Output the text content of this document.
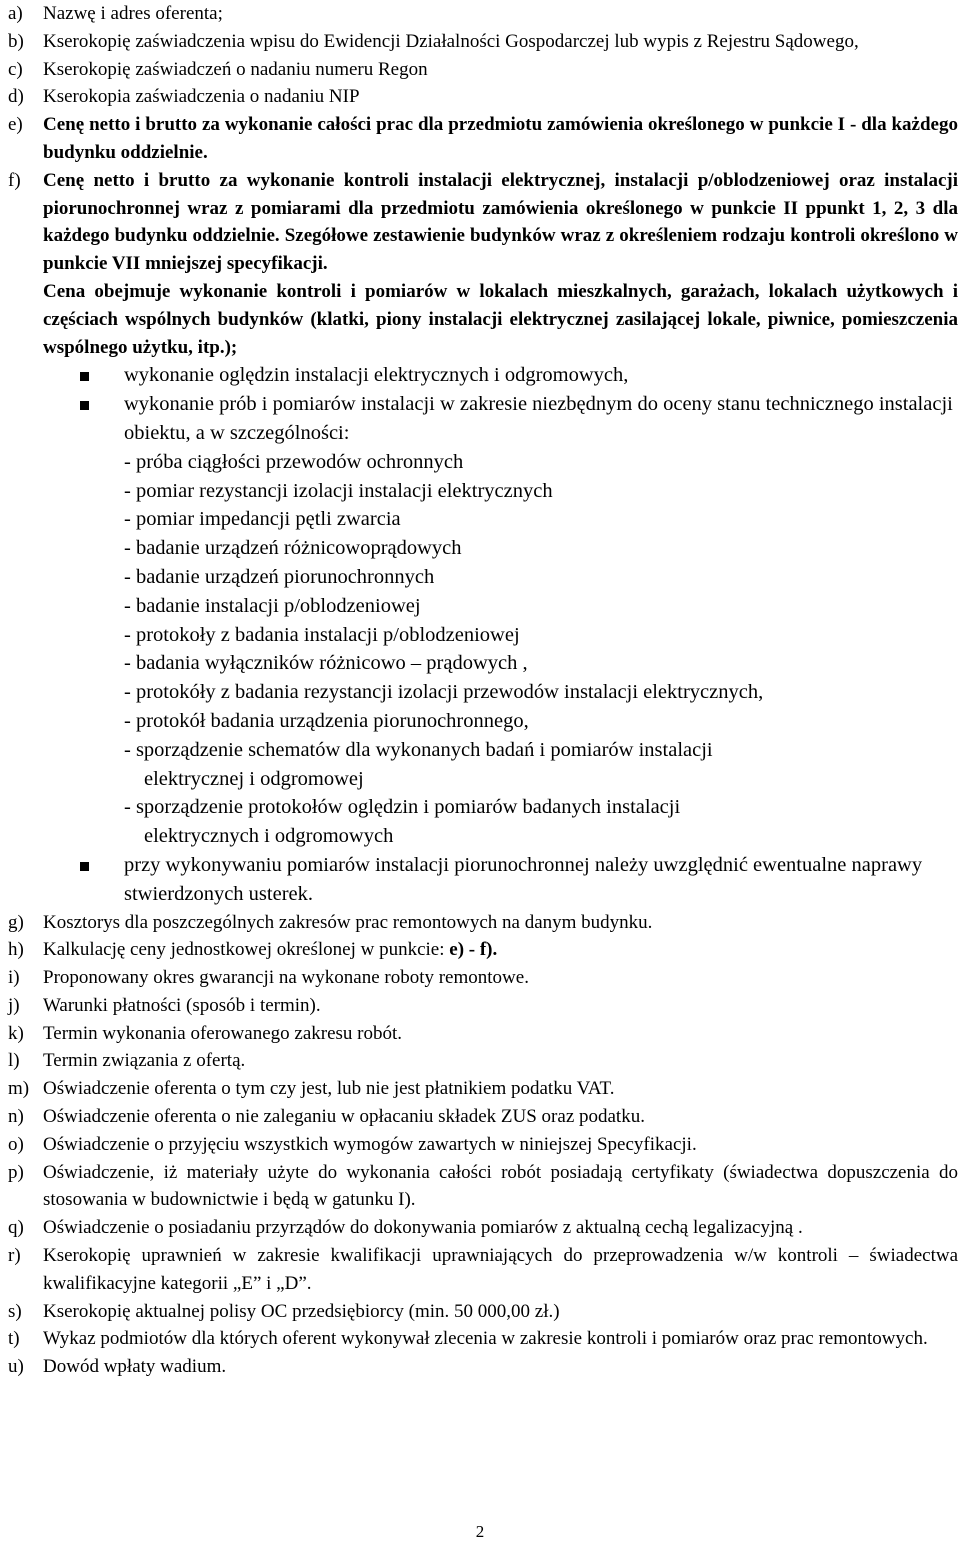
a)	Nazwę i adres oferenta;
b)	Kserokopię zaświadczenia wpisu do Ewidencji Działalności Gospodarczej lub wypis z Rejestru Sądowego,
c)	Kserokopię zaświadczeń o nadaniu numeru Regon
d)	Kserokopia zaświadczenia o nadaniu NIP
e)	Cenę netto i brutto za wykonanie całości prac dla przedmiotu zamówienia określonego w punkcie I - dla każdego budynku oddzielnie.
f)	Cenę netto i brutto za wykonanie kontroli instalacji elektrycznej, instalacji p/oblodzeniowej oraz instalacji piorunochronnej wraz z pomiarami dla przedmiotu zamówienia określonego w punkcie II ppunkt 1, 2, 3 dla każdego budynku oddzielnie. Szegółowe zestawienie budynków wraz z określeniem rodzaju kontroli określono w punkcie VII mniejszej specyfikacji.
Cena obejmuje wykonanie kontroli i pomiarów w lokalach mieszkalnych, garażach, lokalach użytkowych i częściach wspólnych budynków (klatki, piony instalacji elektrycznej zasilającej lokale, piwnice, pomieszczenia wspólnego użytku, itp.);
wykonanie oględzin instalacji elektrycznych i odgromowych,
wykonanie prób i pomiarów instalacji w zakresie niezbędnym do oceny stanu technicznego instalacji obiektu, a w szczególności:
- próba ciągłości przewodów ochronnych
- pomiar rezystancji izolacji instalacji elektrycznych
- pomiar impedancji pętli zwarcia
- badanie urządzeń różnicowoprądowych
- badanie urządzeń piorunochronnych
- badanie instalacji p/oblodzeniowej
- protokoły z badania instalacji p/oblodzeniowej
- badania wyłączników różnicowo – prądowych ,
- protokóły z badania rezystancji izolacji przewodów instalacji elektrycznych,
- protokół badania urządzenia piorunochronnego,
- sporządzenie schematów dla wykonanych badań i pomiarów instalacji
elektrycznej i odgromowej
- sporządzenie protokołów oględzin i pomiarów badanych instalacji
elektrycznych i odgromowych
przy wykonywaniu pomiarów instalacji piorunochronnej należy uwzględnić ewentualne naprawy stwierdzonych usterek.
g)	Kosztorys dla poszczególnych zakresów prac remontowych na danym budynku.
h)	Kalkulację ceny jednostkowej określonej w punkcie: e) - f).
i)	Proponowany okres gwarancji na wykonane roboty remontowe.
j)	Warunki płatności (sposób i termin).
k)	Termin wykonania oferowanego zakresu robót.
l)	Termin związania z ofertą.
m) Oświadczenie oferenta o tym czy jest, lub nie jest płatnikiem podatku VAT.
n)	Oświadczenie oferenta o nie zaleganiu w opłacaniu składek ZUS oraz podatku.
o)	Oświadczenie o przyjęciu wszystkich wymogów zawartych w niniejszej Specyfikacji.
p)	Oświadczenie, iż materiały użyte do wykonania całości robót posiadają certyfikaty (świadectwa dopuszczenia do stosowania w budownictwie i będą w gatunku I).
q)	Oświadczenie o posiadaniu przyrządów do dokonywania pomiarów z aktualną cechą legalizacyjną .
r)	Kserokopię uprawnień w zakresie kwalifikacji uprawniających do przeprowadzenia w/w kontroli – świadectwa kwalifikacyjne kategorii „E” i „D”.
s)	Kserokopię aktualnej polisy OC przedsiębiorcy (min. 50 000,00 zł.)
t)	Wykaz podmiotów dla których oferent wykonywał zlecenia w zakresie kontroli i pomiarów oraz prac remontowych.
u)	Dowód wpłaty wadium.
2
